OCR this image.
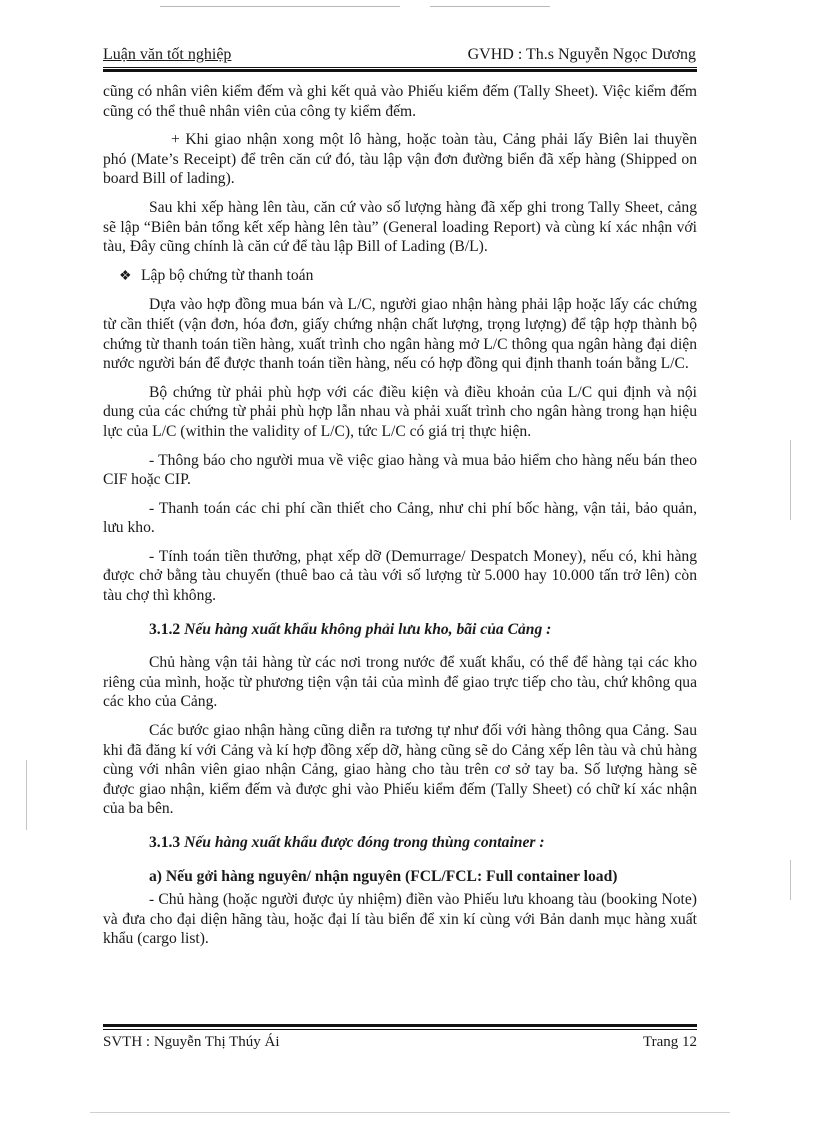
Luận văn tốt nghiệp	GVHD : Th.s Nguyễn Ngọc Dương

cũng có nhân viên kiểm đếm và ghi kết quả vào Phiếu kiểm đếm (Tally Sheet). Việc kiểm đếm cũng có thể thuê nhân viên của công ty kiểm đếm.

+ Khi giao nhận xong một lô hàng, hoặc toàn tàu, Cảng phải lấy Biên lai thuyền phó (Mate’s Receipt) để trên căn cứ đó, tàu lập vận đơn đường biển đã xếp hàng (Shipped on board Bill of lading).

Sau khi xếp hàng lên tàu, căn cứ vào số lượng hàng đã xếp ghi trong Tally Sheet, cảng sẽ lập “Biên bản tổng kết xếp hàng lên tàu” (General loading Report) và cùng kí xác nhận với tàu, Đây cũng chính là căn cứ để tàu lập Bill of Lading (B/L).

❖ Lập bộ chứng từ thanh toán

Dựa vào hợp đồng mua bán và L/C, người giao nhận hàng phải lập hoặc lấy các chứng từ cần thiết (vận đơn, hóa đơn, giấy chứng nhận chất lượng, trọng lượng) để tập hợp thành bộ chứng từ thanh toán tiền hàng, xuất trình cho ngân hàng mở L/C thông qua ngân hàng đại diện nước người bán để được thanh toán tiền hàng, nếu có hợp đồng qui định thanh toán bằng L/C.

Bộ chứng từ phải phù hợp với các điều kiện và điều khoản của L/C qui định và nội dung của các chứng từ phải phù hợp lẫn nhau và phải xuất trình cho ngân hàng trong hạn hiệu lực của L/C (within the validity of L/C), tức L/C có giá trị thực hiện.

- Thông báo cho người mua về việc giao hàng và mua bảo hiểm cho hàng nếu bán theo CIF hoặc CIP.

- Thanh toán các chi phí cần thiết cho Cảng, như chi phí bốc hàng, vận tải, bảo quản, lưu kho.

- Tính toán tiền thưởng, phạt xếp dỡ (Demurrage/ Despatch Money), nếu có, khi hàng được chở bằng tàu chuyến (thuê bao cả tàu với số lượng từ 5.000 hay 10.000 tấn trở lên) còn tàu chợ thì không.

3.1.2 Nếu hàng xuất khẩu không phải lưu kho, bãi của Cảng :

Chủ hàng vận tải hàng từ các nơi trong nước để xuất khẩu, có thể để hàng tại các kho riêng của mình, hoặc từ phương tiện vận tải của mình để giao trực tiếp cho tàu, chứ không qua các kho của Cảng.

Các bước giao nhận hàng cũng diễn ra tương tự như đối với hàng thông qua Cảng. Sau khi đã đăng kí với Cảng và kí hợp đồng xếp dỡ, hàng cũng sẽ do Cảng xếp lên tàu và chủ hàng cùng với nhân viên giao nhận Cảng, giao hàng cho tàu trên cơ sở tay ba. Số lượng hàng sẽ được giao nhận, kiểm đếm và được ghi vào Phiếu kiểm đếm (Tally Sheet) có chữ kí xác nhận của ba bên.

3.1.3 Nếu hàng xuất khẩu được đóng trong thùng container :
a) Nếu gởi hàng nguyên/ nhận nguyên (FCL/FCL: Full container load)

- Chủ hàng (hoặc người được ủy nhiệm) điền vào Phiếu lưu khoang tàu (booking Note) và đưa cho đại diện hãng tàu, hoặc đại lí tàu biển để xin kí cùng với Bản danh mục hàng xuất khẩu (cargo list).

SVTH : Nguyễn Thị Thúy Ái	Trang 12
